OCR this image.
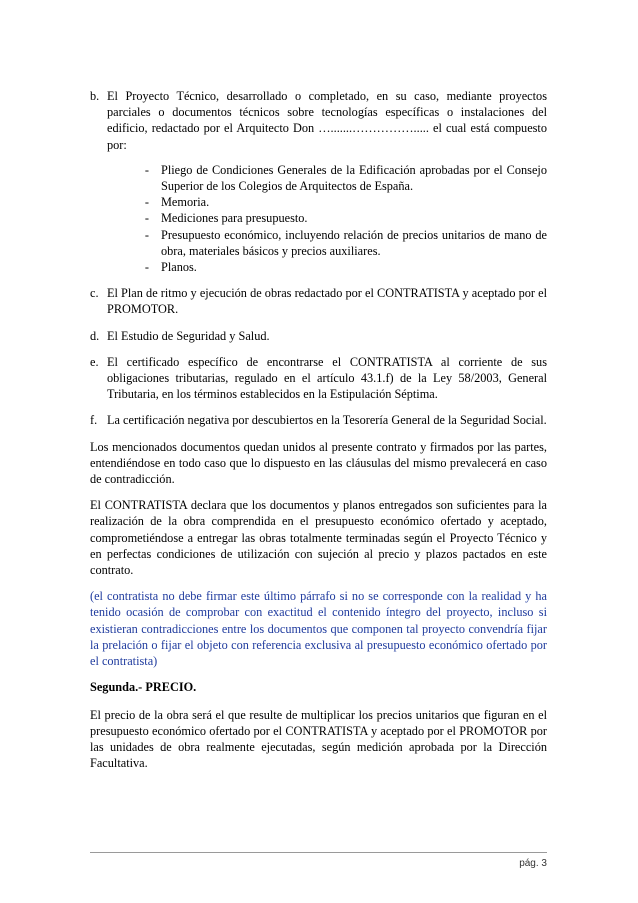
b. El Proyecto Técnico, desarrollado o completado, en su caso, mediante proyectos parciales o documentos técnicos sobre tecnologías específicas o instalaciones del edificio, redactado por el Arquitecto Don ….......……………..... el cual está compuesto por:
- Pliego de Condiciones Generales de la Edificación aprobadas por el Consejo Superior de los Colegios de Arquitectos de España.
- Memoria.
- Mediciones para presupuesto.
- Presupuesto económico, incluyendo relación de precios unitarios de mano de obra, materiales básicos y precios auxiliares.
- Planos.
c. El Plan de ritmo y ejecución de obras redactado por el CONTRATISTA y aceptado por el PROMOTOR.
d. El Estudio de Seguridad y Salud.
e. El certificado específico de encontrarse el CONTRATISTA al corriente de sus obligaciones tributarias, regulado en el artículo 43.1.f) de la Ley 58/2003, General Tributaria, en los términos establecidos en la Estipulación Séptima.
f. La certificación negativa por descubiertos en la Tesorería General de la Seguridad Social.

Los mencionados documentos quedan unidos al presente contrato y firmados por las partes, entendiéndose en todo caso que lo dispuesto en las cláusulas del mismo prevalecerá en caso de contradicción.

El CONTRATISTA declara que los documentos y planos entregados son suficientes para la realización de la obra comprendida en el presupuesto económico ofertado y aceptado, comprometiéndose a entregar las obras totalmente terminadas según el Proyecto Técnico y en perfectas condiciones de utilización con sujeción al precio y plazos pactados en este contrato.

(el contratista no debe firmar este último párrafo si no se corresponde con la realidad y ha tenido ocasión de comprobar con exactitud el contenido íntegro del proyecto, incluso si existieran contradicciones entre los documentos que componen tal proyecto convendría fijar la prelación o fijar el objeto con referencia exclusiva al presupuesto económico ofertado por el contratista)

Segunda.- PRECIO.

El precio de la obra será el que resulte de multiplicar los precios unitarios que figuran en el presupuesto económico ofertado por el CONTRATISTA y aceptado por el PROMOTOR por las unidades de obra realmente ejecutadas, según medición aprobada por la Dirección Facultativa.

pág. 3
